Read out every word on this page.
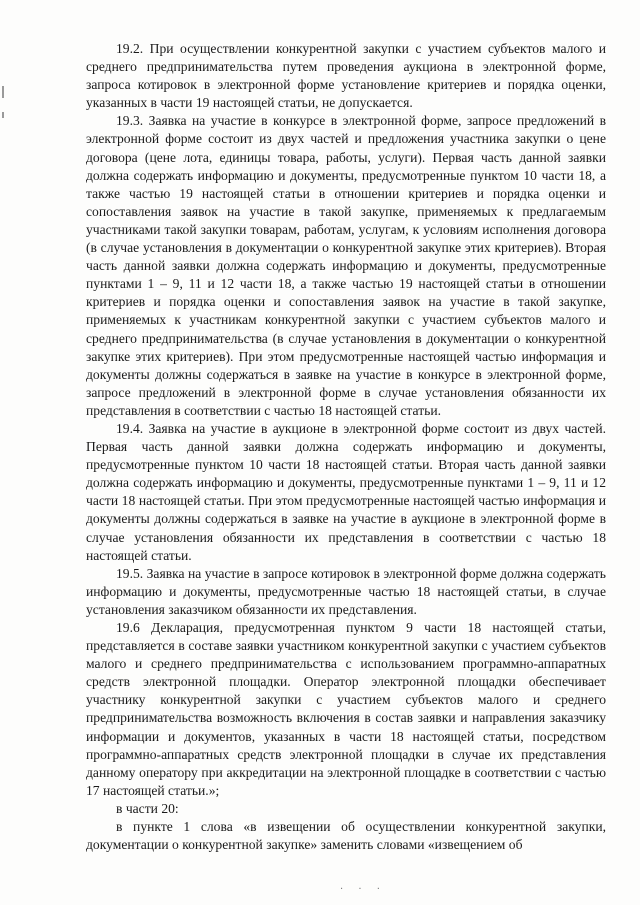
19.2. При осуществлении конкурентной закупки с участием субъектов малого и среднего предпринимательства путем проведения аукциона в электронной форме, запроса котировок в электронной форме установление критериев и порядка оценки, указанных в части 19 настоящей статьи, не допускается.

19.3. Заявка на участие в конкурсе в электронной форме, запросе предложений в электронной форме состоит из двух частей и предложения участника закупки о цене договора (цене лота, единицы товара, работы, услуги). Первая часть данной заявки должна содержать информацию и документы, предусмотренные пунктом 10 части 18, а также частью 19 настоящей статьи в отношении критериев и порядка оценки и сопоставления заявок на участие в такой закупке, применяемых к предлагаемым участниками такой закупки товарам, работам, услугам, к условиям исполнения договора (в случае установления в документации о конкурентной закупке этих критериев). Вторая часть данной заявки должна содержать информацию и документы, предусмотренные пунктами 1 – 9, 11 и 12 части 18, а также частью 19 настоящей статьи в отношении критериев и порядка оценки и сопоставления заявок на участие в такой закупке, применяемых к участникам конкурентной закупки с участием субъектов малого и среднего предпринимательства (в случае установления в документации о конкурентной закупке этих критериев). При этом предусмотренные настоящей частью информация и документы должны содержаться в заявке на участие в конкурсе в электронной форме, запросе предложений в электронной форме в случае установления обязанности их представления в соответствии с частью 18 настоящей статьи.

19.4. Заявка на участие в аукционе в электронной форме состоит из двух частей. Первая часть данной заявки должна содержать информацию и документы, предусмотренные пунктом 10 части 18 настоящей статьи. Вторая часть данной заявки должна содержать информацию и документы, предусмотренные пунктами 1 – 9, 11 и 12 части 18 настоящей статьи. При этом предусмотренные настоящей частью информация и документы должны содержаться в заявке на участие в аукционе в электронной форме в случае установления обязанности их представления в соответствии с частью 18 настоящей статьи.

19.5. Заявка на участие в запросе котировок в электронной форме должна содержать информацию и документы, предусмотренные частью 18 настоящей статьи, в случае установления заказчиком обязанности их представления.

19.6 Декларация, предусмотренная пунктом 9 части 18 настоящей статьи, представляется в составе заявки участником конкурентной закупки с участием субъектов малого и среднего предпринимательства с использованием программно-аппаратных средств электронной площадки. Оператор электронной площадки обеспечивает участнику конкурентной закупки с участием субъектов малого и среднего предпринимательства возможность включения в состав заявки и направления заказчику информации и документов, указанных в части 18 настоящей статьи, посредством программно-аппаратных средств электронной площадки в случае их представления данному оператору при аккредитации на электронной площадке в соответствии с частью 17 настоящей статьи.»;

в части 20:

в пункте 1 слова «в извещении об осуществлении конкурентной закупки, документации о конкурентной закупке» заменить словами «извещением об

· · ·
